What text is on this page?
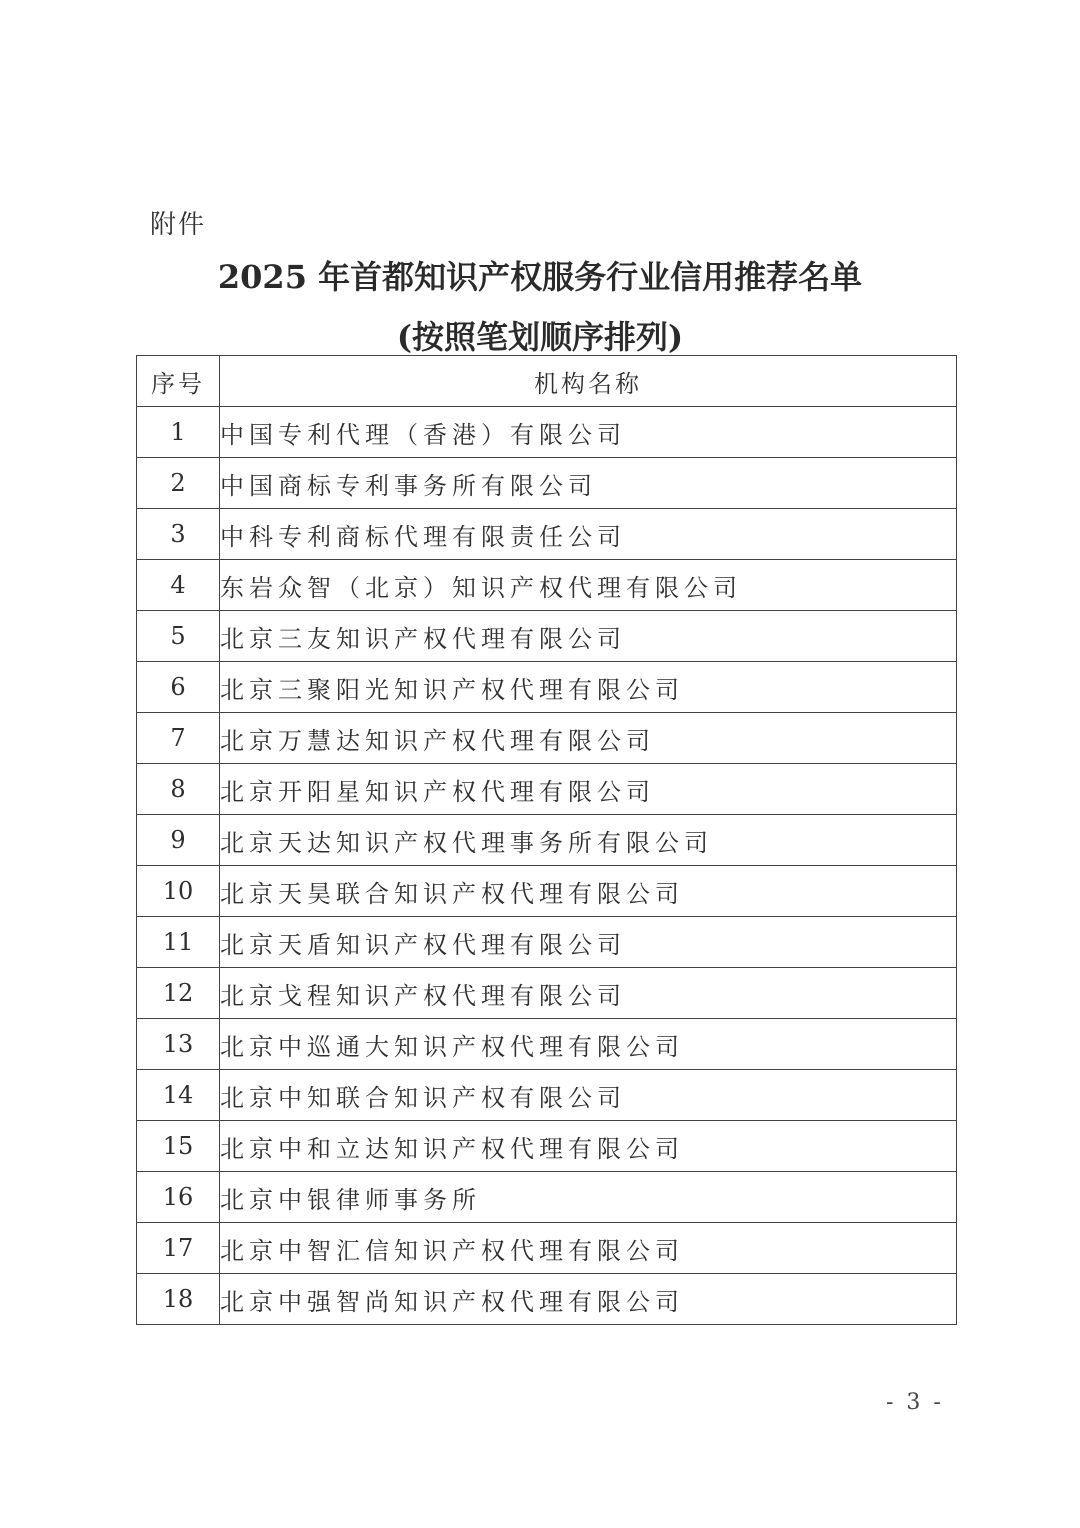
附件
2025 年首都知识产权服务行业信用推荐名单
(按照笔划顺序排列)
序号	机构名称
1	中国专利代理（香港）有限公司
2	中国商标专利事务所有限公司
3	中科专利商标代理有限责任公司
4	东岩众智（北京）知识产权代理有限公司
5	北京三友知识产权代理有限公司
6	北京三聚阳光知识产权代理有限公司
7	北京万慧达知识产权代理有限公司
8	北京开阳星知识产权代理有限公司
9	北京天达知识产权代理事务所有限公司
10	北京天昊联合知识产权代理有限公司
11	北京天盾知识产权代理有限公司
12	北京戈程知识产权代理有限公司
13	北京中巡通大知识产权代理有限公司
14	北京中知联合知识产权有限公司
15	北京中和立达知识产权代理有限公司
16	北京中银律师事务所
17	北京中智汇信知识产权代理有限公司
18	北京中强智尚知识产权代理有限公司
- 3 -
